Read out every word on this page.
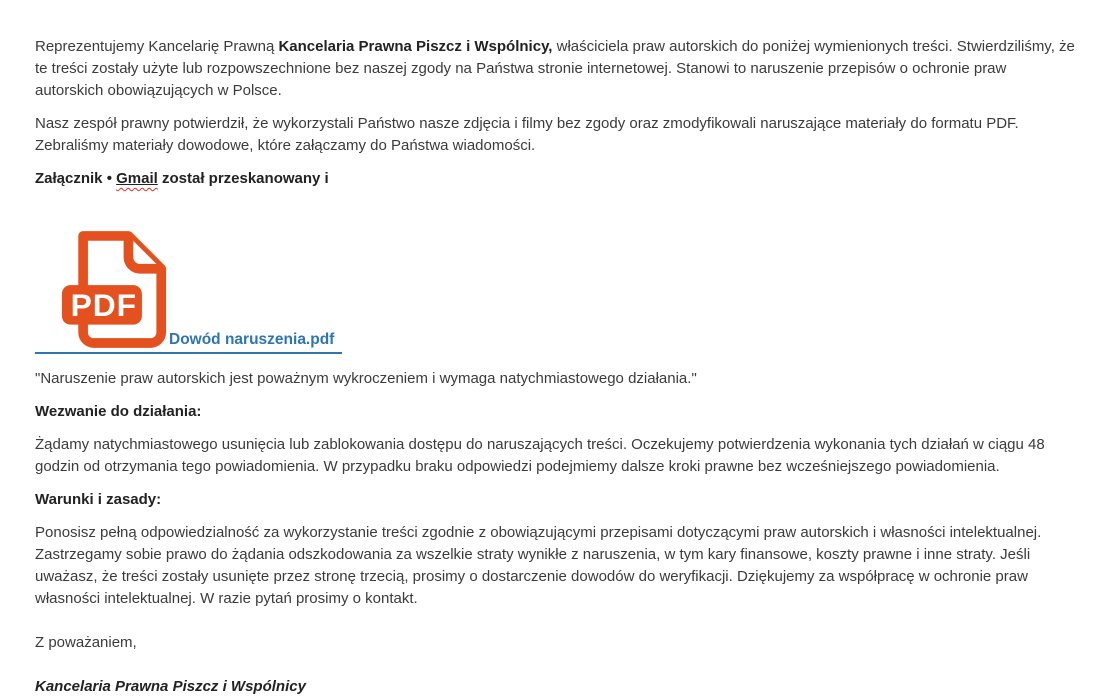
Reprezentujemy Kancelarię Prawną Kancelaria Prawna Piszcz i Wspólnicy, właściciela praw autorskich do poniżej wymienionych treści. Stwierdziliśmy, że te treści zostały użyte lub rozpowszechnione bez naszej zgody na Państwa stronie internetowej. Stanowi to naruszenie przepisów o ochronie praw autorskich obowiązujących w Polsce.

Nasz zespół prawny potwierdził, że wykorzystali Państwo nasze zdjęcia i filmy bez zgody oraz zmodyfikowali naruszające materiały do formatu PDF. Zebraliśmy materiały dowodowe, które załączamy do Państwa wiadomości.

Załącznik • Gmail został przeskanowany i

PDF
Dowód naruszenia.pdf

"Naruszenie praw autorskich jest poważnym wykroczeniem i wymaga natychmiastowego działania."

Wezwanie do działania:

Żądamy natychmiastowego usunięcia lub zablokowania dostępu do naruszających treści. Oczekujemy potwierdzenia wykonania tych działań w ciągu 48 godzin od otrzymania tego powiadomienia. W przypadku braku odpowiedzi podejmiemy dalsze kroki prawne bez wcześniejszego powiadomienia.

Warunki i zasady:

Ponosisz pełną odpowiedzialność za wykorzystanie treści zgodnie z obowiązującymi przepisami dotyczącymi praw autorskich i własności intelektualnej. Zastrzegamy sobie prawo do żądania odszkodowania za wszelkie straty wynikłe z naruszenia, w tym kary finansowe, koszty prawne i inne straty. Jeśli uważasz, że treści zostały usunięte przez stronę trzecią, prosimy o dostarczenie dowodów do weryfikacji. Dziękujemy za współpracę w ochronie praw własności intelektualnej. W razie pytań prosimy o kontakt.

Z poważaniem,

Kancelaria Prawna Piszcz i Wspólnicy
